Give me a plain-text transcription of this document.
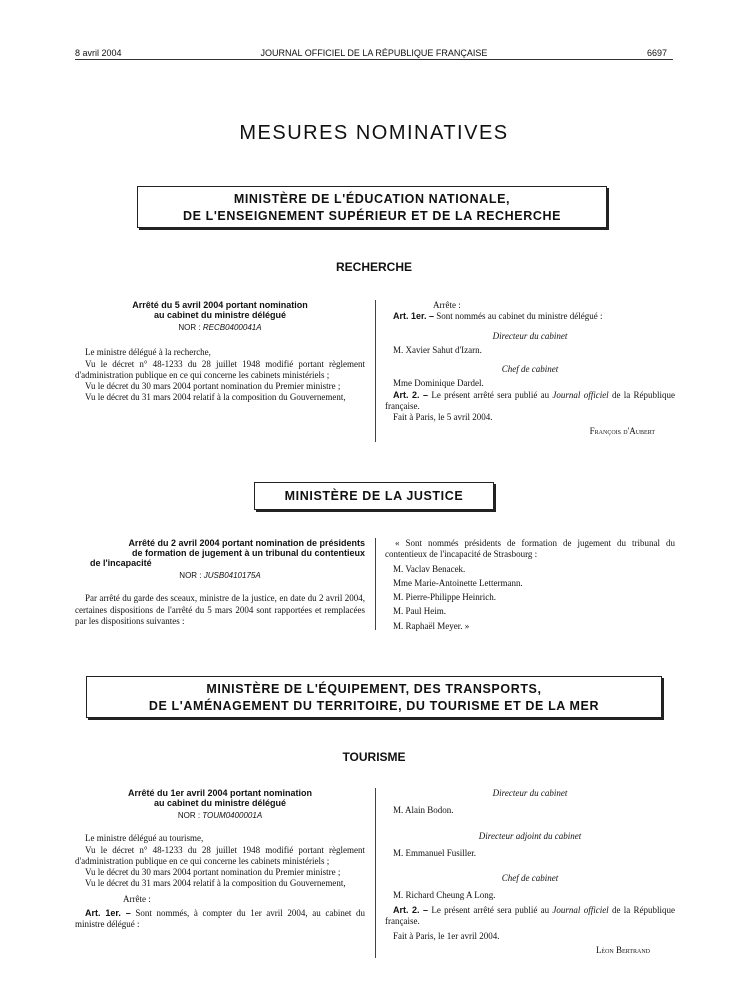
8 avril 2004	JOURNAL OFFICIEL DE LA RÉPUBLIQUE FRANÇAISE	6697
MESURES NOMINATIVES
MINISTÈRE DE L'ÉDUCATION NATIONALE,
DE L'ENSEIGNEMENT SUPÉRIEUR ET DE LA RECHERCHE
RECHERCHE
Arrêté du 5 avril 2004 portant nomination
au cabinet du ministre délégué
NOR : RECB0400041A

Le ministre délégué à la recherche,

Vu le décret n° 48-1233 du 28 juillet 1948 modifié portant règlement d'administration publique en ce qui concerne les cabinets ministériels ;

Vu le décret du 30 mars 2004 portant nomination du Premier ministre ;

Vu le décret du 31 mars 2004 relatif à la composition du Gouvernement,

Arrête :

Art. 1er. – Sont nommés au cabinet du ministre délégué :

Directeur du cabinet

M. Xavier Sahut d'Izarn.

Chef de cabinet

Mme Dominique Dardel.

Art. 2. – Le présent arrêté sera publié au Journal officiel de la République française.

Fait à Paris, le 5 avril 2004.

François d'Aubert

MINISTÈRE DE LA JUSTICE
Arrêté du 2 avril 2004 portant nomination de présidents
de formation de jugement à un tribunal du contentieux
de l'incapacité
NOR : JUSB0410175A

Par arrêté du garde des sceaux, ministre de la justice, en date du 2 avril 2004, certaines dispositions de l'arrêté du 5 mars 2004 sont rapportées et remplacées par les dispositions suivantes :

« Sont nommés présidents de formation de jugement du tribunal du contentieux de l'incapacité de Strasbourg :

M. Vaclav Benacek.

Mme Marie-Antoinette Lettermann.

M. Pierre-Philippe Heinrich.

M. Paul Heim.

M. Raphaël Meyer. »

MINISTÈRE DE L'ÉQUIPEMENT, DES TRANSPORTS,
DE L'AMÉNAGEMENT DU TERRITOIRE, DU TOURISME ET DE LA MER
TOURISME
Arrêté du 1er avril 2004 portant nomination
au cabinet du ministre délégué
NOR : TOUM0400001A

Le ministre délégué au tourisme,

Vu le décret n° 48-1233 du 28 juillet 1948 modifié portant règlement d'administration publique en ce qui concerne les cabinets ministériels ;

Vu le décret du 30 mars 2004 portant nomination du Premier ministre ;

Vu le décret du 31 mars 2004 relatif à la composition du Gouvernement,

Arrête :

Art. 1er. – Sont nommés, à compter du 1er avril 2004, au cabinet du ministre délégué :

Directeur du cabinet

M. Alain Bodon.

Directeur adjoint du cabinet

M. Emmanuel Fusiller.

Chef de cabinet

M. Richard Cheung A Long.

Art. 2. – Le présent arrêté sera publié au Journal officiel de la République française.

Fait à Paris, le 1er avril 2004.

Léon Bertrand
